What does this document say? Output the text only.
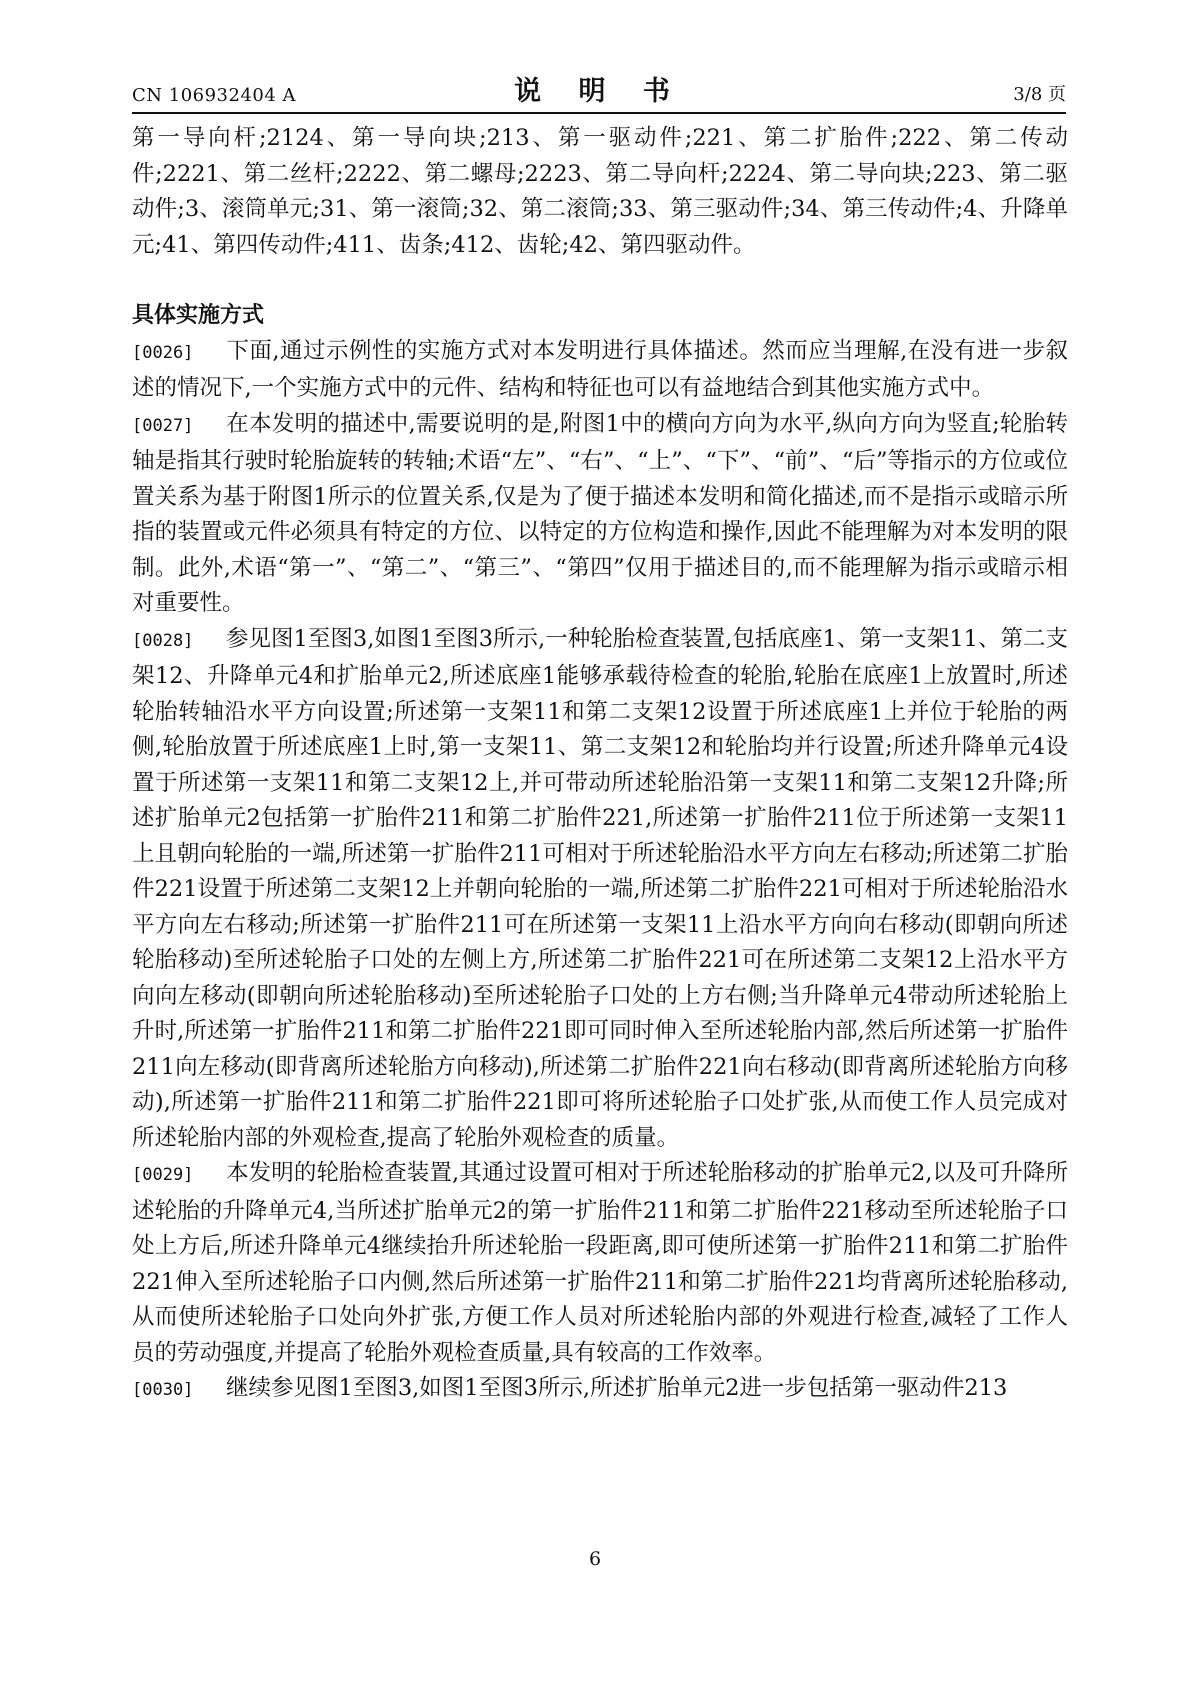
CN 106932404 A	说 明 书	3/8 页

第一导向杆;2124、第一导向块;213、第一驱动件;221、第二扩胎件;222、第二传动件;2221、第二丝杆;2222、第二螺母;2223、第二导向杆;2224、第二导向块;223、第二驱动件;3、滚筒单元;31、第一滚筒;32、第二滚筒;33、第三驱动件;34、第三传动件;4、升降单元;41、第四传动件;411、齿条;412、齿轮;42、第四驱动件。

具体实施方式

[0026] 下面,通过示例性的实施方式对本发明进行具体描述。然而应当理解,在没有进一步叙述的情况下,一个实施方式中的元件、结构和特征也可以有益地结合到其他实施方式中。

[0027] 在本发明的描述中,需要说明的是,附图1中的横向方向为水平,纵向方向为竖直;轮胎转轴是指其行驶时轮胎旋转的转轴;术语“左”、“右”、“上”、“下”、“前”、“后”等指示的方位或位置关系为基于附图1所示的位置关系,仅是为了便于描述本发明和简化描述,而不是指示或暗示所指的装置或元件必须具有特定的方位、以特定的方位构造和操作,因此不能理解为对本发明的限制。此外,术语“第一”、“第二”、“第三”、“第四”仅用于描述目的,而不能理解为指示或暗示相对重要性。

[0028] 参见图1至图3,如图1至图3所示,一种轮胎检查装置,包括底座1、第一支架11、第二支架12、升降单元4和扩胎单元2,所述底座1能够承载待检查的轮胎,轮胎在底座1上放置时,所述轮胎转轴沿水平方向设置;所述第一支架11和第二支架12设置于所述底座1上并位于轮胎的两侧,轮胎放置于所述底座1上时,第一支架11、第二支架12和轮胎均并行设置;所述升降单元4设置于所述第一支架11和第二支架12上,并可带动所述轮胎沿第一支架11和第二支架12升降;所述扩胎单元2包括第一扩胎件211和第二扩胎件221,所述第一扩胎件211位于所述第一支架11上且朝向轮胎的一端,所述第一扩胎件211可相对于所述轮胎沿水平方向左右移动;所述第二扩胎件221设置于所述第二支架12上并朝向轮胎的一端,所述第二扩胎件221可相对于所述轮胎沿水平方向左右移动;所述第一扩胎件211可在所述第一支架11上沿水平方向向右移动(即朝向所述轮胎移动)至所述轮胎子口处的左侧上方,所述第二扩胎件221可在所述第二支架12上沿水平方向向左移动(即朝向所述轮胎移动)至所述轮胎子口处的上方右侧;当升降单元4带动所述轮胎上升时,所述第一扩胎件211和第二扩胎件221即可同时伸入至所述轮胎内部,然后所述第一扩胎件211向左移动(即背离所述轮胎方向移动),所述第二扩胎件221向右移动(即背离所述轮胎方向移动),所述第一扩胎件211和第二扩胎件221即可将所述轮胎子口处扩张,从而使工作人员完成对所述轮胎内部的外观检查,提高了轮胎外观检查的质量。

[0029] 本发明的轮胎检查装置,其通过设置可相对于所述轮胎移动的扩胎单元2,以及可升降所述轮胎的升降单元4,当所述扩胎单元2的第一扩胎件211和第二扩胎件221移动至所述轮胎子口处上方后,所述升降单元4继续抬升所述轮胎一段距离,即可使所述第一扩胎件211和第二扩胎件221伸入至所述轮胎子口内侧,然后所述第一扩胎件211和第二扩胎件221均背离所述轮胎移动,从而使所述轮胎子口处向外扩张,方便工作人员对所述轮胎内部的外观进行检查,减轻了工作人员的劳动强度,并提高了轮胎外观检查质量,具有较高的工作效率。

[0030] 继续参见图1至图3,如图1至图3所示,所述扩胎单元2进一步包括第一驱动件213

6
